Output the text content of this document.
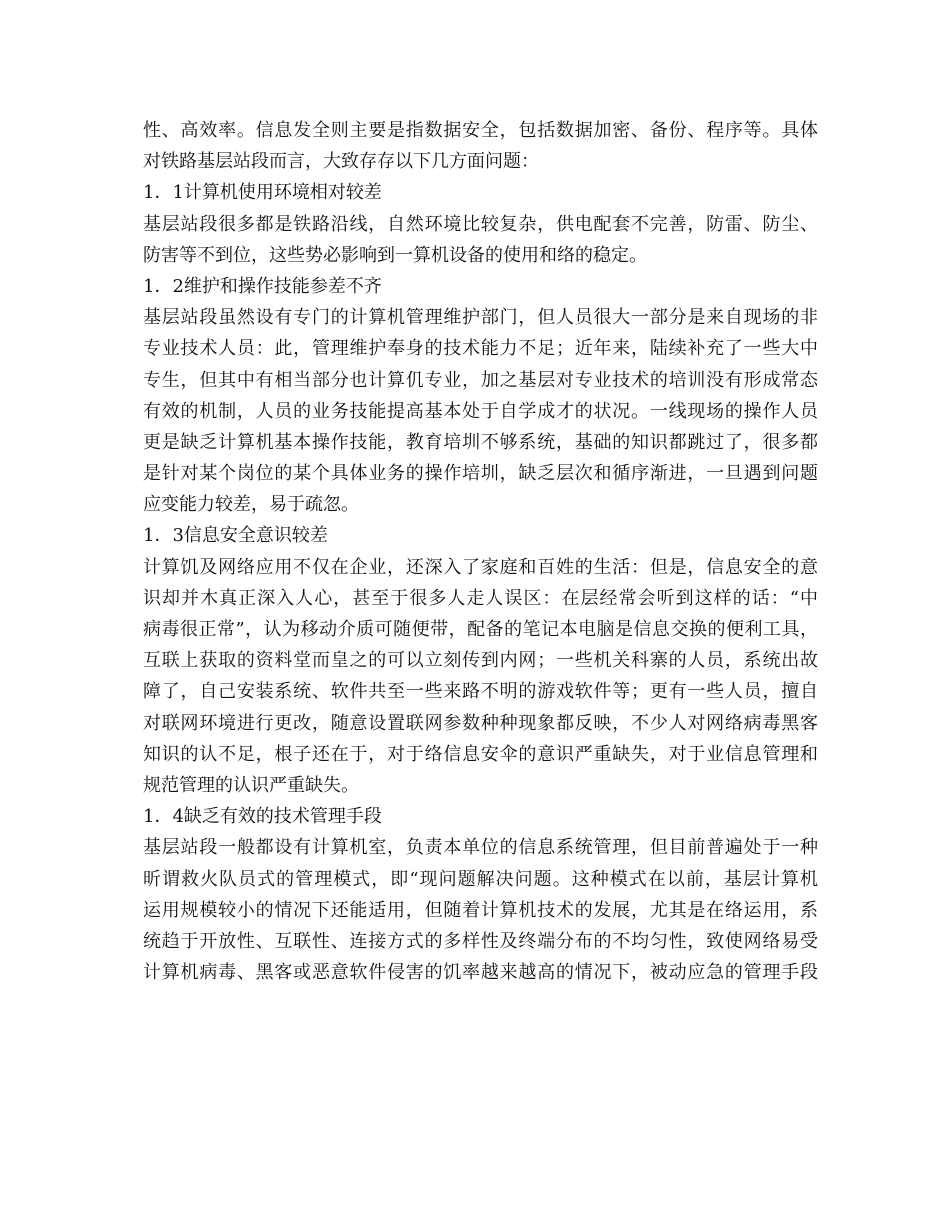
性、高效率。信息发全则主要是指数据安全，包括数据加密、备份、程序等。具体
对铁路基层站段而言，大致存存以下几方面问题：
1．1计算机使用环境相对较差
基层站段很多都是铁路沿线，自然环境比较复杂，供电配套不完善，防雷、防尘、
防害等不到位，这些势必影响到一算机设备的使用和络的稳定。
1．2维护和操作技能参差不齐
基层站段虽然设有专门的计算机管理维护部门，但人员很大一部分是来自现场的非
专业技术人员：此，管理维护奉身的技术能力不足；近年来，陆续补充了一些大中
专生，但其中有相当部分也计算仉专业，加之基层对专业技术的培训没有形成常态
有效的机制，人员的业务技能提高基本处于自学成才的状况。一线现场的操作人员
更是缺乏计算机基本操作技能，教育培圳不够系统，基础的知识都跳过了，很多都
是针对某个岗位的某个具体业务的操作培圳，缺乏层次和循序渐进，一旦遇到问题
应变能力较差，易于疏忽。
1．3信息安全意识较差
计算饥及网络应用不仅在企业，还深入了家庭和百姓的生活：但是，信息安全的意
识却并木真正深入人心，甚至于很多人走人误区：在层经常会听到这样的话：“中
病毒很正常”，认为移动介质可随便带，配备的笔记本电脑是信息交换的便利工具，
互联上获取的资料堂而皇之的可以立刻传到内网；一些机关科寨的人员，系统出故
障了，自己安装系统、软件共至一些来路不明的游戏软件等；更有一些人员，擅自
对联网环境进行更改，随意设置联网参数种种现象都反映，不少人对网络病毒黑客
知识的认不足，根子还在于，对于络信息安伞的意识严重缺失，对于业信息管理和
规范管理的认识严重缺失。
1．4缺乏有效的技术管理手段
基层站段一般都设有计算机室，负责本单位的信息系统管理，但目前普遍处于一种
昕谓救火队员式的管理模式，即“现问题解决问题。这种模式在以前，基层计算机
运用规模较小的情况下还能适用，但随着计算机技术的发展，尤其是在络运用，系
统趋于开放性、互联性、连接方式的多样性及终端分布的不均匀性，致使网络易受
计算机病毒、黑客或恶意软件侵害的饥率越来越高的情况下，被动应急的管理手段
